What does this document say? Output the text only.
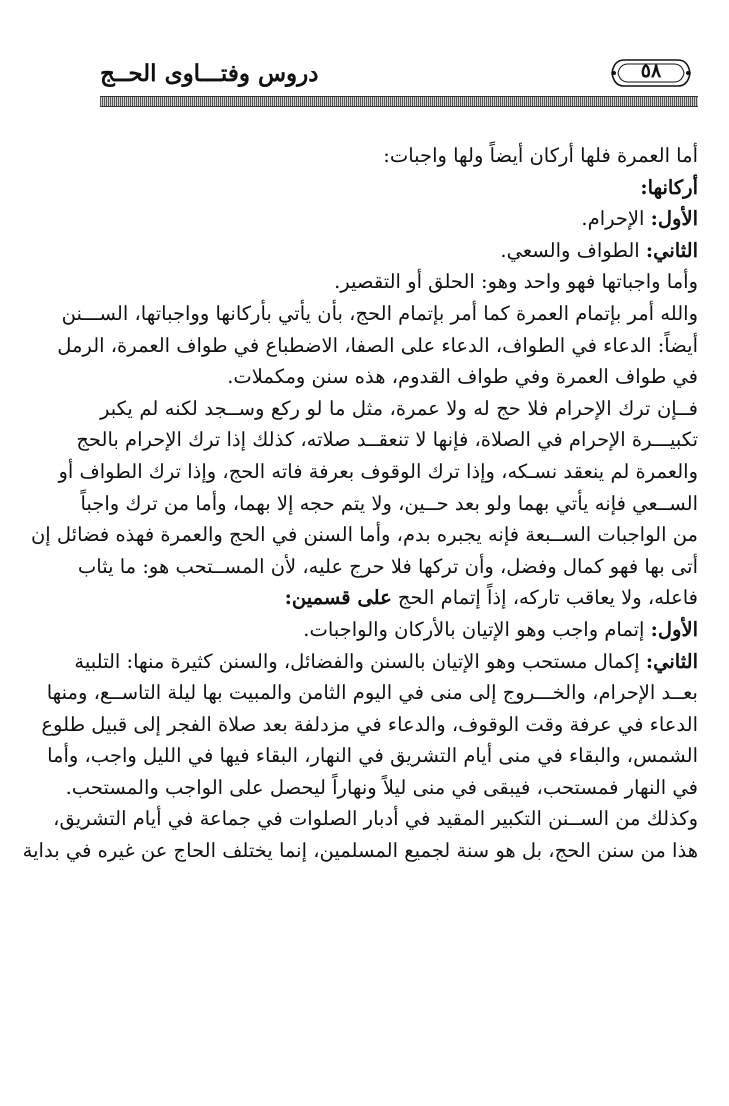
دروس وفتـــاوى الحــج	٥٨
أما العمرة فلها أركان أيضاً ولها واجبات:
أركانها:
الأول: الإحرام.
الثاني: الطواف والسعي.
وأما واجباتها فهو واحد وهو: الحلق أو التقصير.
والله أمر بإتمام العمرة كما أمر بإتمام الحج، بأن يأتي بأركانها وواجباتها، الســـنن
أيضاً: الدعاء في الطواف، الدعاء على الصفا، الاضطباع في طواف العمرة، الرمل
في طواف العمرة وفي طواف القدوم، هذه سنن ومكملات.
فــإن ترك الإحرام فلا حج له ولا عمرة، مثل ما لو ركع وســجد لكنه لم يكبر
تكبيـــرة الإحرام في الصلاة، فإنها لا تنعقــد صلاته، كذلك إذا ترك الإحرام بالحج
والعمرة لم ينعقد نسـكه، وإذا ترك الوقوف بعرفة فاته الحج، وإذا ترك الطواف أو
الســعي فإنه يأتي بهما ولو بعد حــين، ولا يتم حجه إلا بهما، وأما من ترك واجباً
من الواجبات الســبعة فإنه يجبره بدم، وأما السنن في الحج والعمرة فهذه فضائل إن
أتى بها فهو كمال وفضل، وأن تركها فلا حرج عليه، لأن المســتحب هو: ما يثاب
فاعله، ولا يعاقب تاركه، إذاً إتمام الحج على قسمين:
الأول: إتمام واجب وهو الإتيان بالأركان والواجبات.
الثاني: إكمال مستحب وهو الإتيان بالسنن والفضائل، والسنن كثيرة منها: التلبية
بعــد الإحرام، والخـــروج إلى منى في اليوم الثامن والمبيت بها ليلة التاســع، ومنها
الدعاء في عرفة وقت الوقوف، والدعاء في مزدلفة بعد صلاة الفجر إلى قبيل طلوع
الشمس، والبقاء في منى أيام التشريق في النهار، البقاء فيها في الليل واجب، وأما
في النهار فمستحب، فيبقى في منى ليلاً ونهاراً ليحصل على الواجب والمستحب.
وكذلك من الســنن التكبير المقيد في أدبار الصلوات في جماعة في أيام التشريق،
هذا من سنن الحج، بل هو سنة لجميع المسلمين، إنما يختلف الحاج عن غيره في بداية
